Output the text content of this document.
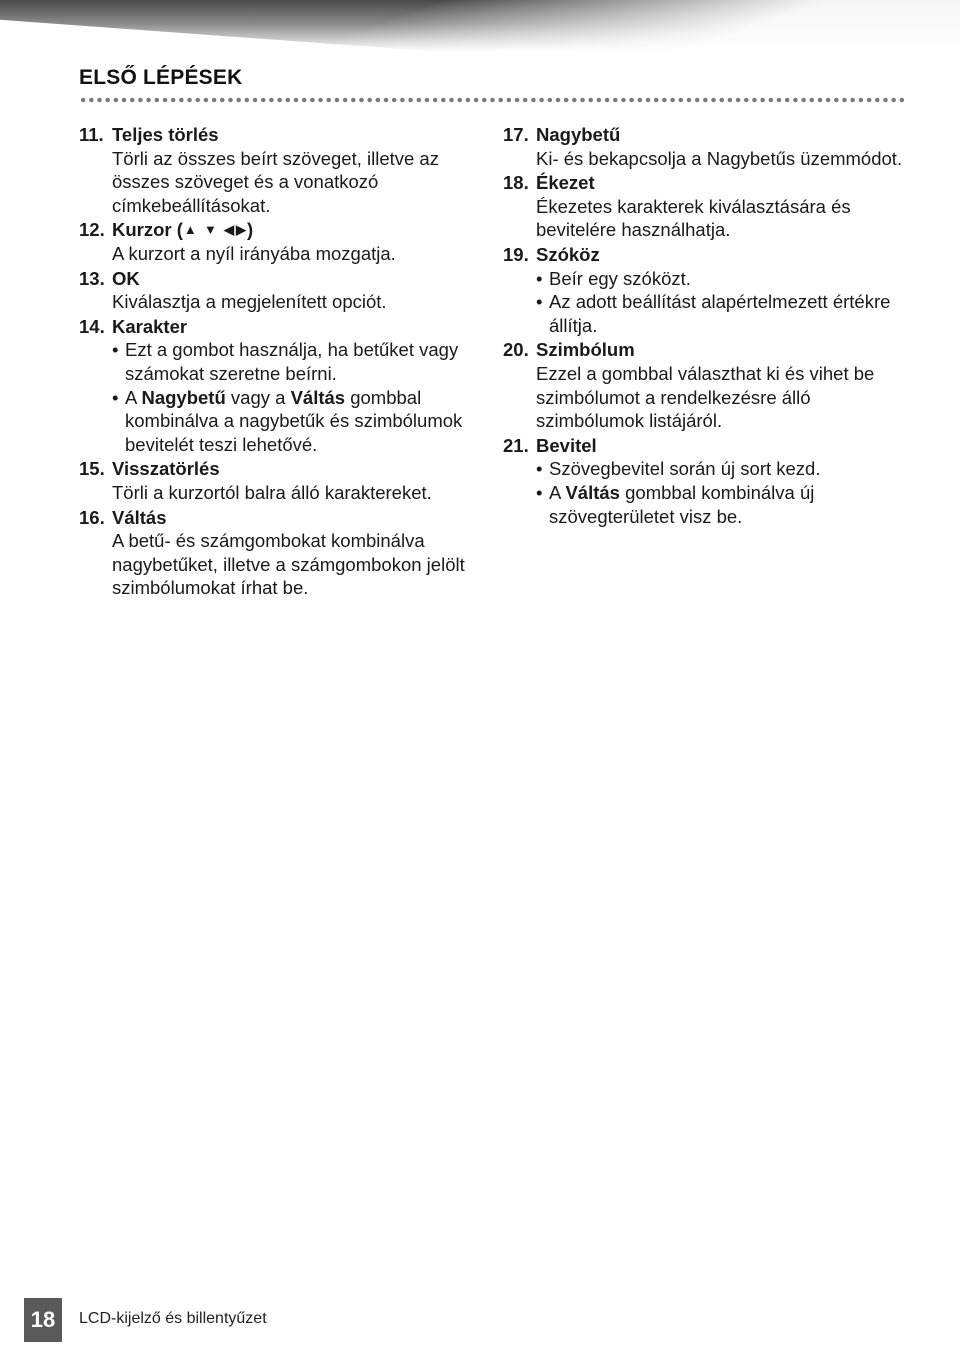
ELSŐ LÉPÉSEK
11. Teljes törlés
Törli az összes beírt szöveget, illetve az összes szöveget és a vonatkozó címkebeállításokat.
12. Kurzor (▲ ▼ ◀ ▶)
A kurzort a nyíl irányába mozgatja.
13. OK
Kiválasztja a megjelenített opciót.
14. Karakter
• Ezt a gombot használja, ha betűket vagy számokat szeretne beírni.
• A Nagybetű vagy a Váltás gombbal kombinálva a nagybetűk és szimbólumok bevitelét teszi lehetővé.
15. Visszatörlés
Törli a kurzortól balra álló karaktereket.
16. Váltás
A betű- és számgombokat kombinálva nagybetűket, illetve a számgombokon jelölt szimbólumokat írhat be.
17. Nagybetű
Ki- és bekapcsolja a Nagybetűs üzemmódot.
18. Ékezet
Ékezetes karakterek kiválasztására és bevitelére használhatja.
19. Szóköz
• Beír egy szóközt.
• Az adott beállítást alapértelmezett értékre állítja.
20. Szimbólum
Ezzel a gombbal választhat ki és vihet be szimbólumot a rendelkezésre álló szimbólumok listájáról.
21. Bevitel
• Szövegbevitel során új sort kezd.
• A Váltás gombbal kombinálva új szövegterületet visz be.
18 LCD-kijelző és billentyűzet
